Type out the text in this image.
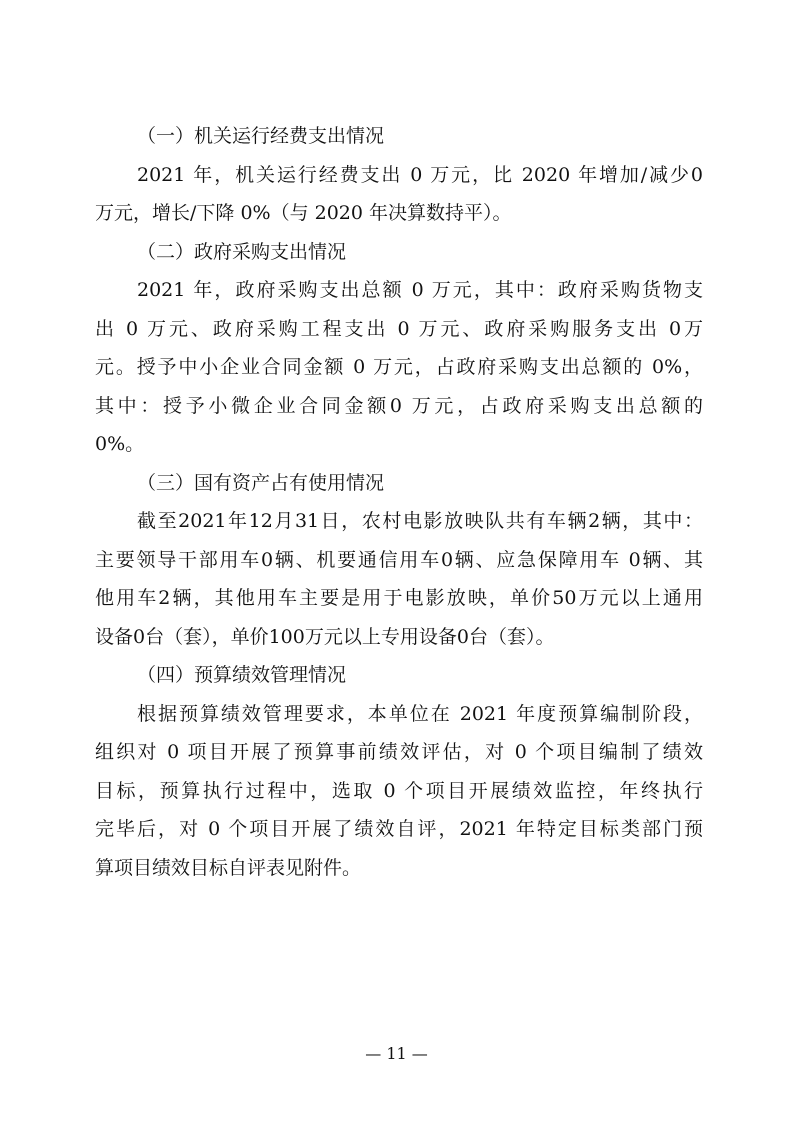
（一）机关运行经费支出情况
2021 年，机关运行经费支出 0 万元，比 2020 年增加/减少0
万元，增长/下降 0%（与 2020 年决算数持平）。
（二）政府采购支出情况
2021 年，政府采购支出总额 0 万元，其中：政府采购货物支
出 0 万元、政府采购工程支出 0 万元、政府采购服务支出 0万
元。授予中小企业合同金额 0 万元，占政府采购支出总额的 0%，
其中：授予小微企业合同金额0 万元，占政府采购支出总额的
0%。
（三）国有资产占有使用情况
截至2021年12月31日，农村电影放映队共有车辆2辆，其中：
主要领导干部用车0辆、机要通信用车0辆、应急保障用车 0辆、其
他用车2辆，其他用车主要是用于电影放映，单价50万元以上通用
设备0台（套），单价100万元以上专用设备0台（套）。
（四）预算绩效管理情况
根据预算绩效管理要求，本单位在 2021 年度预算编制阶段，
组织对 0 项目开展了预算事前绩效评估，对 0 个项目编制了绩效
目标，预算执行过程中，选取 0 个项目开展绩效监控，年终执行
完毕后，对 0 个项目开展了绩效自评，2021 年特定目标类部门预
算项目绩效目标自评表见附件。
— 11 —
